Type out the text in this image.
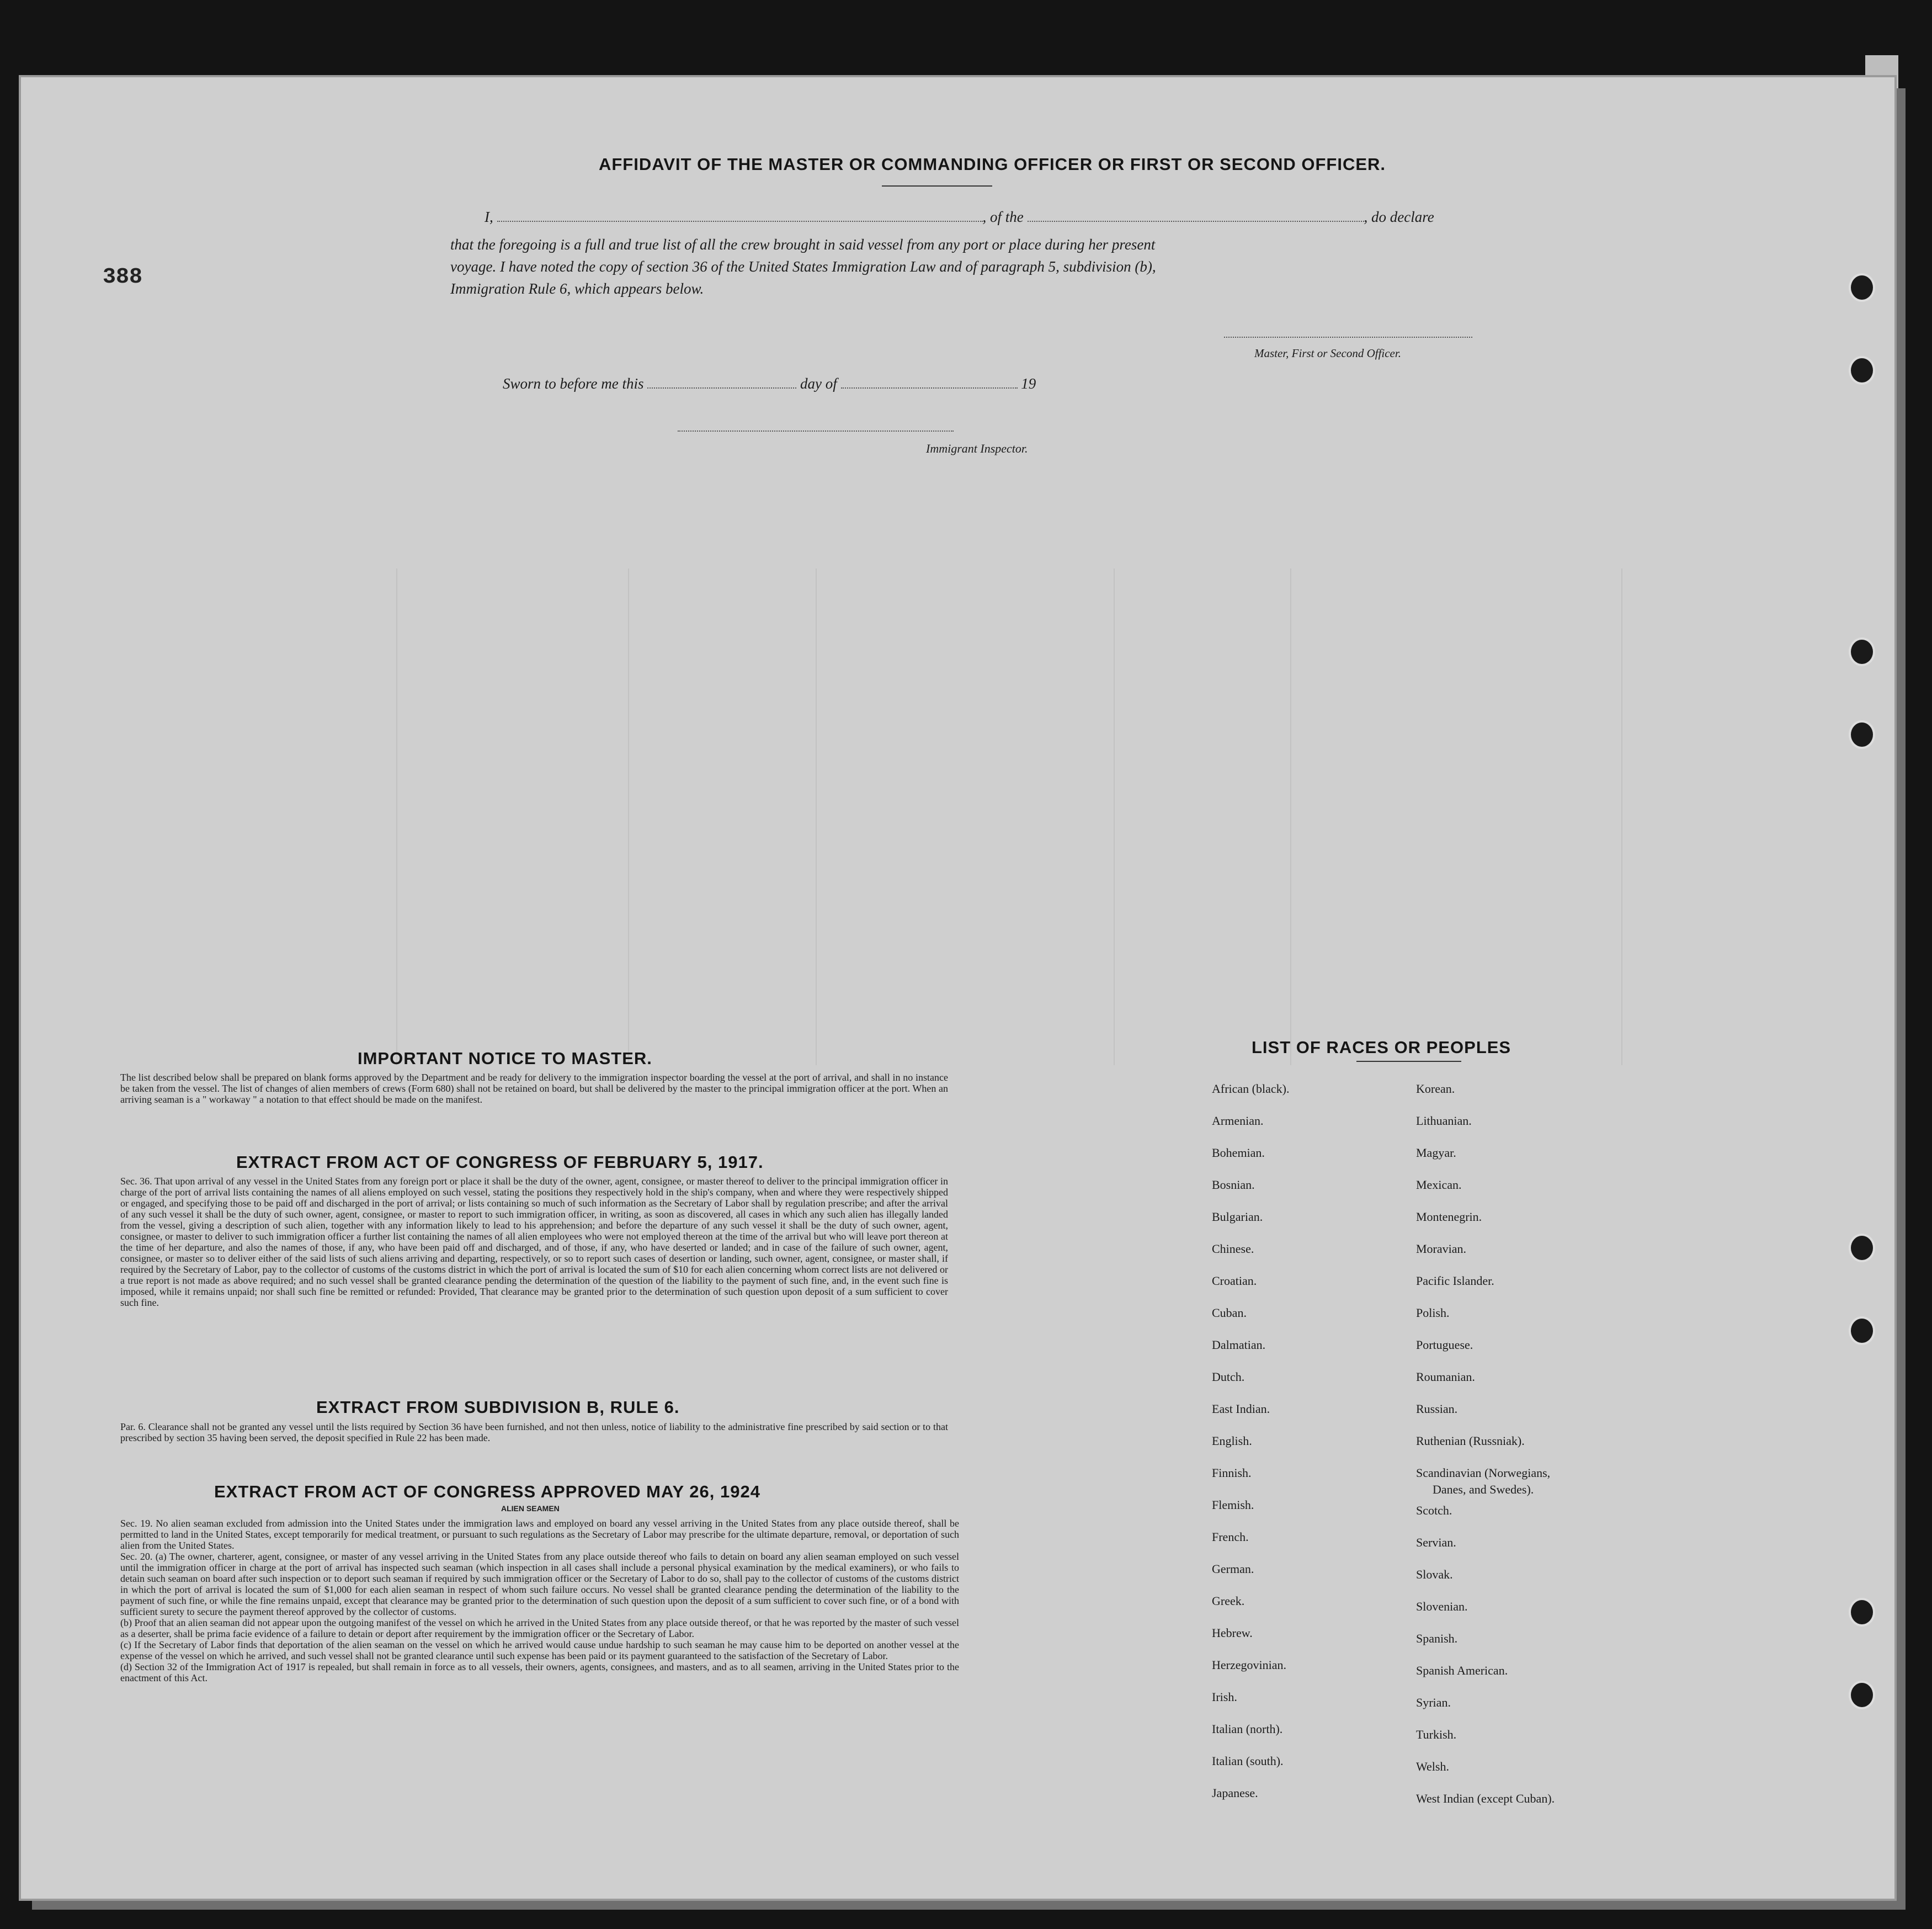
388
AFFIDAVIT OF THE MASTER OR COMMANDING OFFICER OR FIRST OR SECOND OFFICER.
I,	, of the	, do declare
that the foregoing is a full and true list of all the crew brought in said vessel from any port or place during her present
voyage. I have noted the copy of section 36 of the United States Immigration Law and of paragraph 5, subdivision (b),
Immigration Rule 6, which appears below.
Master, First or Second Officer.
Sworn to before me this	day of	19
Immigrant Inspector.
IMPORTANT NOTICE TO MASTER.
The list described below shall be prepared on blank forms approved by the Department and be ready for delivery to the immigration inspector boarding the vessel at the port of arrival, and shall in no instance be taken from the vessel. The list of changes of alien members of crews (Form 680) shall not be retained on board, but shall be delivered by the master to the principal immigration officer at the port. When an arriving seaman is a " workaway " a notation to that effect should be made on the manifest.
EXTRACT FROM ACT OF CONGRESS OF FEBRUARY 5, 1917.
Sec. 36. That upon arrival of any vessel in the United States from any foreign port or place it shall be the duty of the owner, agent, consignee, or master thereof to deliver to the principal immigration officer in charge of the port of arrival lists containing the names of all aliens employed on such vessel, stating the positions they respectively hold in the ship's company, when and where they were respectively shipped or engaged, and specifying those to be paid off and discharged in the port of arrival; or lists containing so much of such information as the Secretary of Labor shall by regulation prescribe; and after the arrival of any such vessel it shall be the duty of such owner, agent, consignee, or master to report to such immigration officer, in writing, as soon as discovered, all cases in which any such alien has illegally landed from the vessel, giving a description of such alien, together with any information likely to lead to his apprehension; and before the departure of any such vessel it shall be the duty of such owner, agent, consignee, or master to deliver to such immigration officer a further list containing the names of all alien employees who were not employed thereon at the time of the arrival but who will leave port thereon at the time of her departure, and also the names of those, if any, who have been paid off and discharged, and of those, if any, who have deserted or landed; and in case of the failure of such owner, agent, consignee, or master so to deliver either of the said lists of such aliens arriving and departing, respectively, or so to report such cases of desertion or landing, such owner, agent, consignee, or master shall, if required by the Secretary of Labor, pay to the collector of customs of the customs district in which the port of arrival is located the sum of $10 for each alien concerning whom correct lists are not delivered or a true report is not made as above required; and no such vessel shall be granted clearance pending the determination of the question of the liability to the payment of such fine, and, in the event such fine is imposed, while it remains unpaid; nor shall such fine be remitted or refunded: Provided, That clearance may be granted prior to the determination of such question upon deposit of a sum sufficient to cover such fine.
EXTRACT FROM SUBDIVISION B, RULE 6.
Par. 6. Clearance shall not be granted any vessel until the lists required by Section 36 have been furnished, and not then unless, notice of liability to the administrative fine prescribed by said section or to that prescribed by section 35 having been served, the deposit specified in Rule 22 has been made.
EXTRACT FROM ACT OF CONGRESS APPROVED MAY 26, 1924
ALIEN SEAMEN
Sec. 19. No alien seaman excluded from admission into the United States under the immigration laws and employed on board any vessel arriving in the United States from any place outside thereof, shall be permitted to land in the United States, except temporarily for medical treatment, or pursuant to such regulations as the Secretary of Labor may prescribe for the ultimate departure, removal, or deportation of such alien from the United States.
Sec. 20. (a) The owner, charterer, agent, consignee, or master of any vessel arriving in the United States from any place outside thereof who fails to detain on board any alien seaman employed on such vessel until the immigration officer in charge at the port of arrival has inspected such seaman (which inspection in all cases shall include a personal physical examination by the medical examiners), or who fails to detain such seaman on board after such inspection or to deport such seaman if required by such immigration officer or the Secretary of Labor to do so, shall pay to the collector of customs of the customs district in which the port of arrival is located the sum of $1,000 for each alien seaman in respect of whom such failure occurs. No vessel shall be granted clearance pending the determination of the liability to the payment of such fine, or while the fine remains unpaid, except that clearance may be granted prior to the determination of such question upon the deposit of a sum sufficient to cover such fine, or of a bond with sufficient surety to secure the payment thereof approved by the collector of customs.
(b) Proof that an alien seaman did not appear upon the outgoing manifest of the vessel on which he arrived in the United States from any place outside thereof, or that he was reported by the master of such vessel as a deserter, shall be prima facie evidence of a failure to detain or deport after requirement by the immigration officer or the Secretary of Labor.
(c) If the Secretary of Labor finds that deportation of the alien seaman on the vessel on which he arrived would cause undue hardship to such seaman he may cause him to be deported on another vessel at the expense of the vessel on which he arrived, and such vessel shall not be granted clearance until such expense has been paid or its payment guaranteed to the satisfaction of the Secretary of Labor.
(d) Section 32 of the Immigration Act of 1917 is repealed, but shall remain in force as to all vessels, their owners, agents, consignees, and masters, and as to all seamen, arriving in the United States prior to the enactment of this Act.
LIST OF RACES OR PEOPLES
African (black).
Armenian.
Bohemian.
Bosnian.
Bulgarian.
Chinese.
Croatian.
Cuban.
Dalmatian.
Dutch.
East Indian.
English.
Finnish.
Flemish.
French.
German.
Greek.
Hebrew.
Herzegovinian.
Irish.
Italian (north).
Italian (south).
Japanese.
Korean.
Lithuanian.
Magyar.
Mexican.
Montenegrin.
Moravian.
Pacific Islander.
Polish.
Portuguese.
Roumanian.
Russian.
Ruthenian (Russniak).
Scandinavian (Norwegians,
Danes, and Swedes).
Scotch.
Servian.
Slovak.
Slovenian.
Spanish.
Spanish American.
Syrian.
Turkish.
Welsh.
West Indian (except Cuban).
